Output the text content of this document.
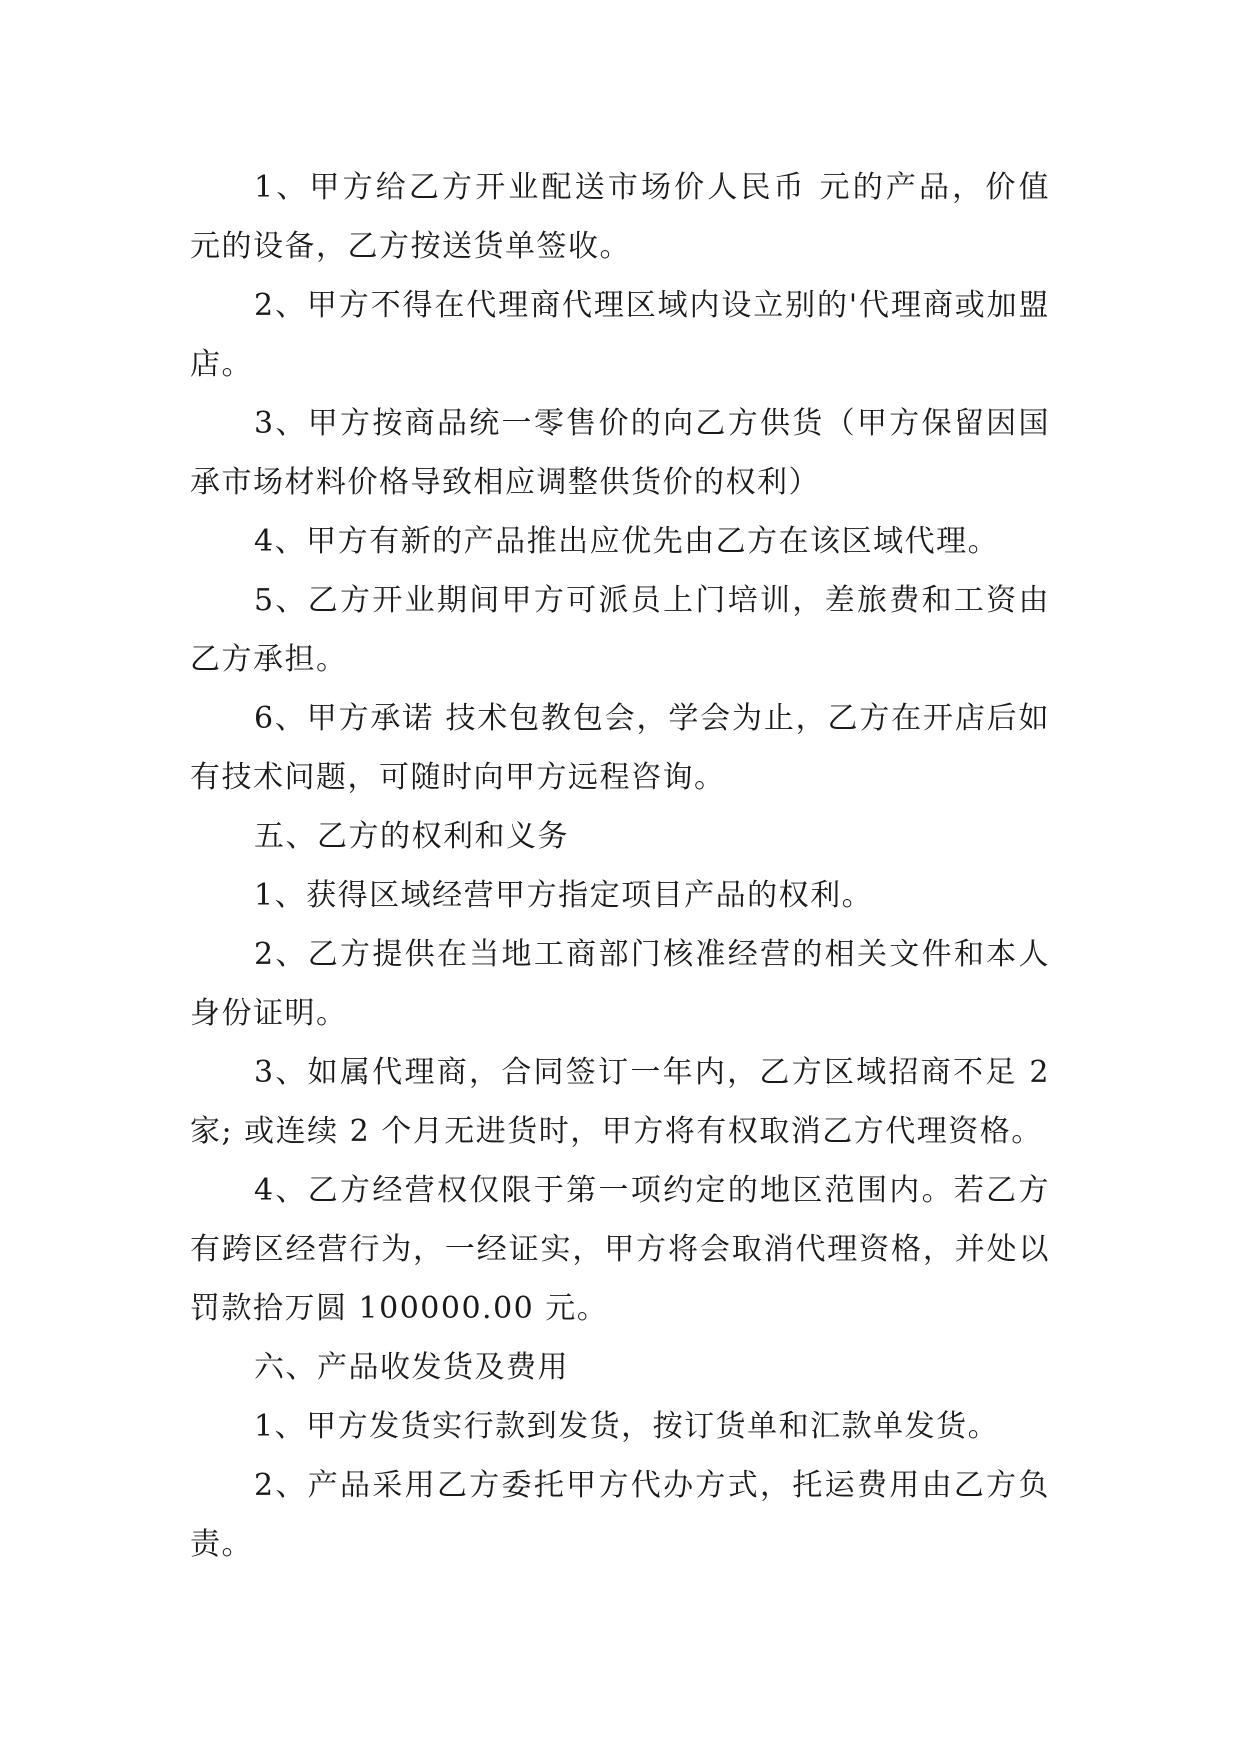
1、甲方给乙方开业配送市场价人民币 元的产品，价值 元的设备，乙方按送货单签收。

2、甲方不得在代理商代理区域内设立别的'代理商或加盟店。

3、甲方按商品统一零售价的向乙方供货（甲方保留因国承市场材料价格导致相应调整供货价的权利）

4、甲方有新的产品推出应优先由乙方在该区域代理。

5、乙方开业期间甲方可派员上门培训，差旅费和工资由乙方承担。

6、甲方承诺 技术包教包会，学会为止，乙方在开店后如有技术问题，可随时向甲方远程咨询。

五、乙方的权利和义务

1、获得区域经营甲方指定项目产品的权利。

2、乙方提供在当地工商部门核准经营的相关文件和本人身份证明。

3、如属代理商，合同签订一年内，乙方区域招商不足 2 家; 或连续 2 个月无进货时，甲方将有权取消乙方代理资格。

4、乙方经营权仅限于第一项约定的地区范围内。若乙方有跨区经营行为，一经证实，甲方将会取消代理资格，并处以罚款拾万圆 100000.00 元。

六、产品收发货及费用

1、甲方发货实行款到发货，按订货单和汇款单发货。

2、产品采用乙方委托甲方代办方式，托运费用由乙方负责。
